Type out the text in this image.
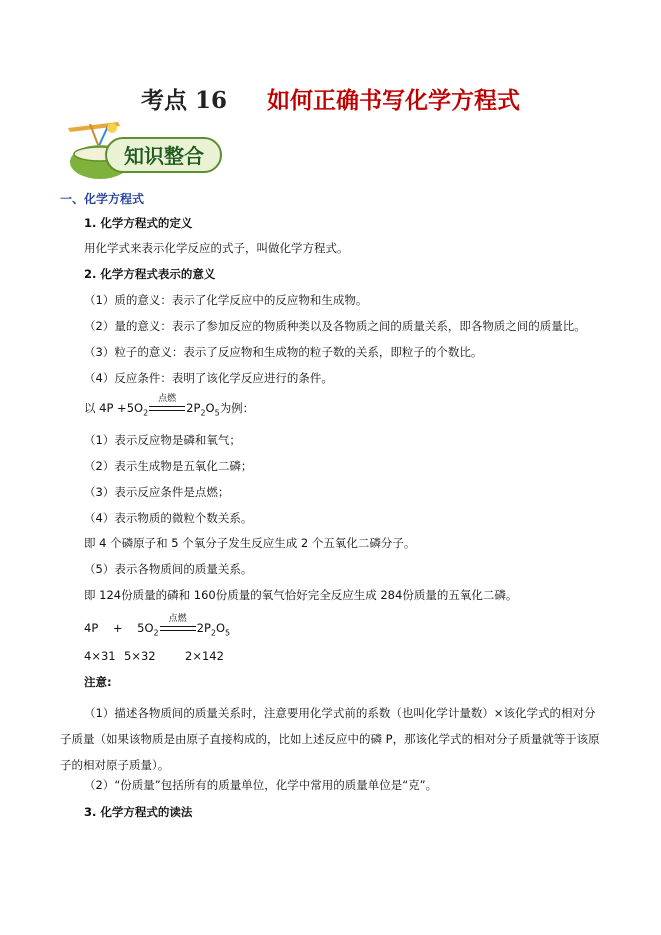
考点 16 如何正确书写化学方程式
知识整合
一、化学方程式
1. 化学方程式的定义
用化学式来表示化学反应的式子，叫做化学方程式。
2. 化学方程式表示的意义
（1）质的意义：表示了化学反应中的反应物和生成物。
（2）量的意义：表示了参加反应的物质种类以及各物质之间的质量关系，即各物质之间的质量比。
（3）粒子的意义：表示了反应物和生成物的粒子数的关系，即粒子的个数比。
（4）反应条件：表明了该化学反应进行的条件。
以 $4P +5O_2$
点燃
$2P_2O_5$为例：
（1）表示反应物是磷和氧气；
（2）表示生成物是五氧化二磷；
（3）表示反应条件是点燃；
（4）表示物质的微粒个数关系。
即 4 个磷原子和 5 个氧分子发生反应生成 2 个五氧化二磷分子。
（5）表示各物质间的质量关系。
即 124份质量的磷和 160份质量的氧气恰好完全反应生成 284份质量的五氧化二磷。
$4P + 5O_2$
点燃
$2P_2O_5$
4×31 5×32	2×142
注意:
（1）描述各物质间的质量关系时，注意要用化学式前的系数（也叫化学计量数）×该化学式的相对分子质量（如果该物质是由原子直接构成的，比如上述反应中的磷 P，那该化学式的相对分子质量就等于该原子的相对原子质量）。
（2）“份质量”包括所有的质量单位，化学中常用的质量单位是“克”。
3. 化学方程式的读法
